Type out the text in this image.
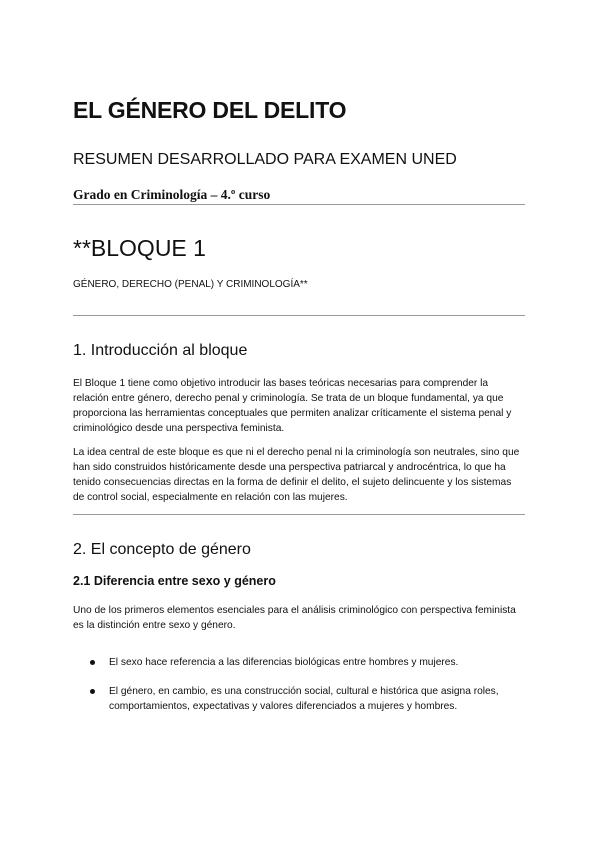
EL GÉNERO DEL DELITO
RESUMEN DESARROLLADO PARA EXAMEN UNED
Grado en Criminología – 4.º curso
**BLOQUE 1
GÉNERO, DERECHO (PENAL) Y CRIMINOLOGÍA**
1. Introducción al bloque

El Bloque 1 tiene como objetivo introducir las bases teóricas necesarias para comprender la relación entre género, derecho penal y criminología. Se trata de un bloque fundamental, ya que proporciona las herramientas conceptuales que permiten analizar críticamente el sistema penal y criminológico desde una perspectiva feminista.

La idea central de este bloque es que ni el derecho penal ni la criminología son neutrales, sino que han sido construidos históricamente desde una perspectiva patriarcal y androcéntrica, lo que ha tenido consecuencias directas en la forma de definir el delito, el sujeto delincuente y los sistemas de control social, especialmente en relación con las mujeres.

2. El concepto de género
2.1 Diferencia entre sexo y género

Uno de los primeros elementos esenciales para el análisis criminológico con perspectiva feminista es la distinción entre sexo y género.

El sexo hace referencia a las diferencias biológicas entre hombres y mujeres.
El género, en cambio, es una construcción social, cultural e histórica que asigna roles, comportamientos, expectativas y valores diferenciados a mujeres y hombres.
